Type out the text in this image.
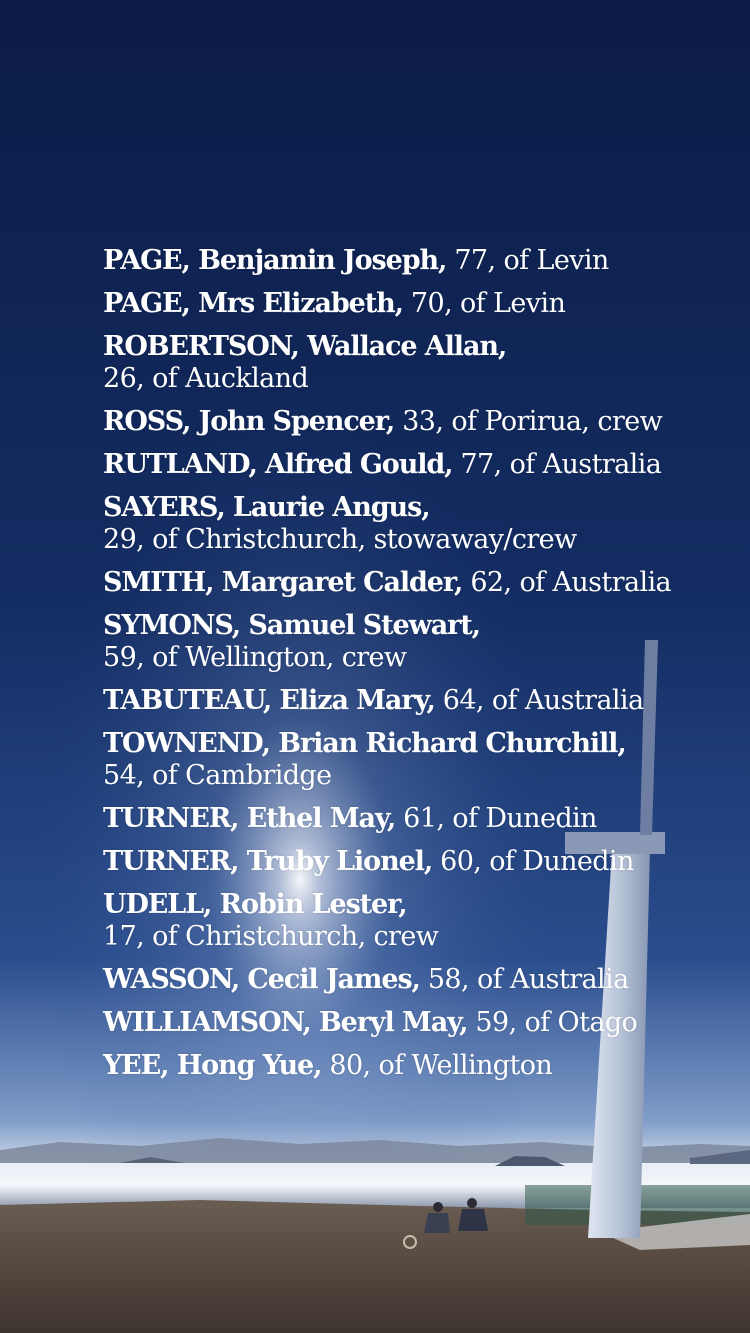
PAGE, Benjamin Joseph, 77, of Levin

PAGE, Mrs Elizabeth, 70, of Levin

ROBERTSON, Wallace Allan,
26, of Auckland

ROSS, John Spencer, 33, of Porirua, crew

RUTLAND, Alfred Gould, 77, of Australia

SAYERS, Laurie Angus,
29, of Christchurch, stowaway/crew

SMITH, Margaret Calder, 62, of Australia

SYMONS, Samuel Stewart,
59, of Wellington, crew

TABUTEAU, Eliza Mary, 64, of Australia

TOWNEND, Brian Richard Churchill,
54, of Cambridge

TURNER, Ethel May, 61, of Dunedin

TURNER, Truby Lionel, 60, of Dunedin

UDELL, Robin Lester,
17, of Christchurch, crew

WASSON, Cecil James, 58, of Australia

WILLIAMSON, Beryl May, 59, of Otago

YEE, Hong Yue, 80, of Wellington
